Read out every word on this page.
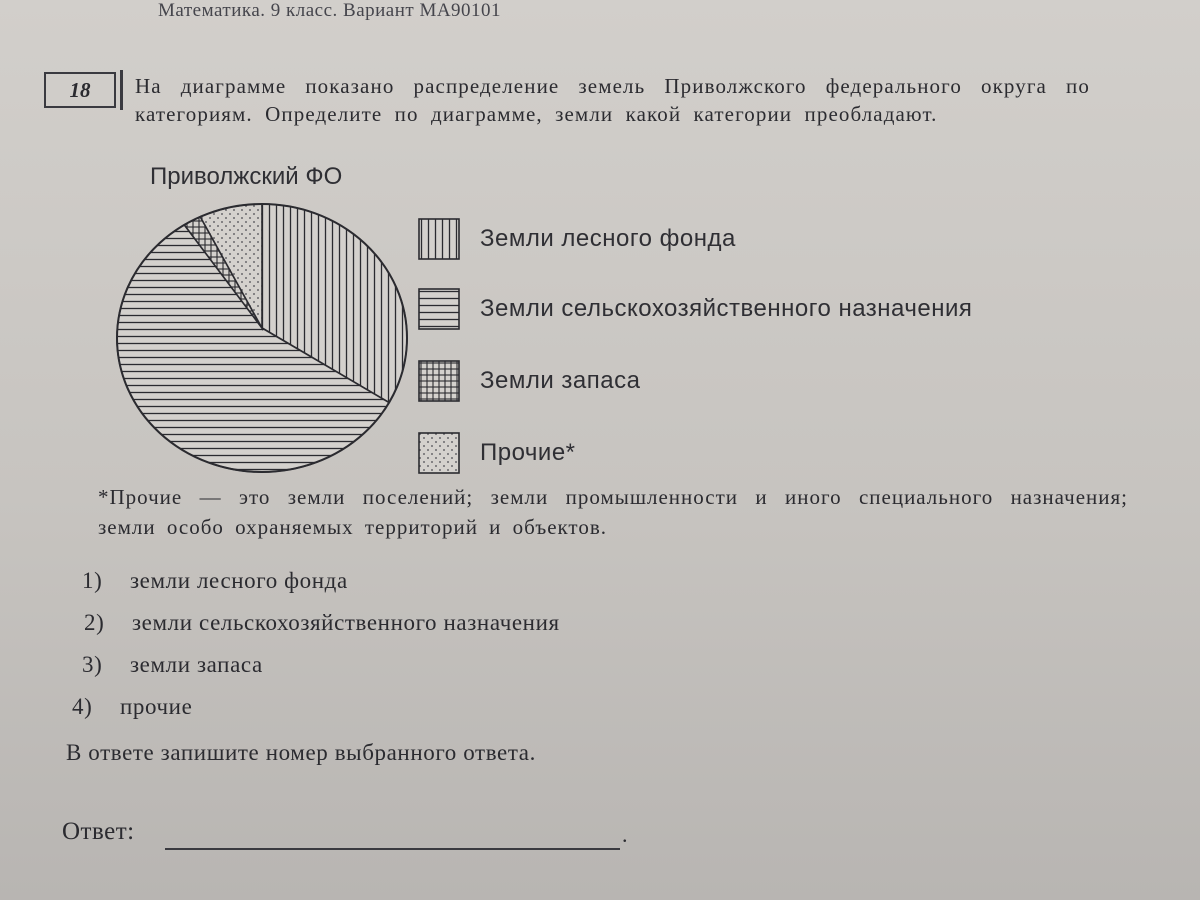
Математика. 9 класс. Вариант МА90101
18 На диаграмме показано распределение земель Приволжского федерального округа по категориям. Определите по диаграмме, земли какой категории преобладают.
Приволжский ФО
Земли лесного фонда
Земли сельскохозяйственного назначения
Земли запаса
Прочие*
*Прочие — это земли поселений; земли промышленности и иного специального назначения; земли особо охраняемых территорий и объектов.
1) земли лесного фонда
2) земли сельскохозяйственного назначения
3) земли запаса
4) прочие
В ответе запишите номер выбранного ответа.
Ответ:	.
